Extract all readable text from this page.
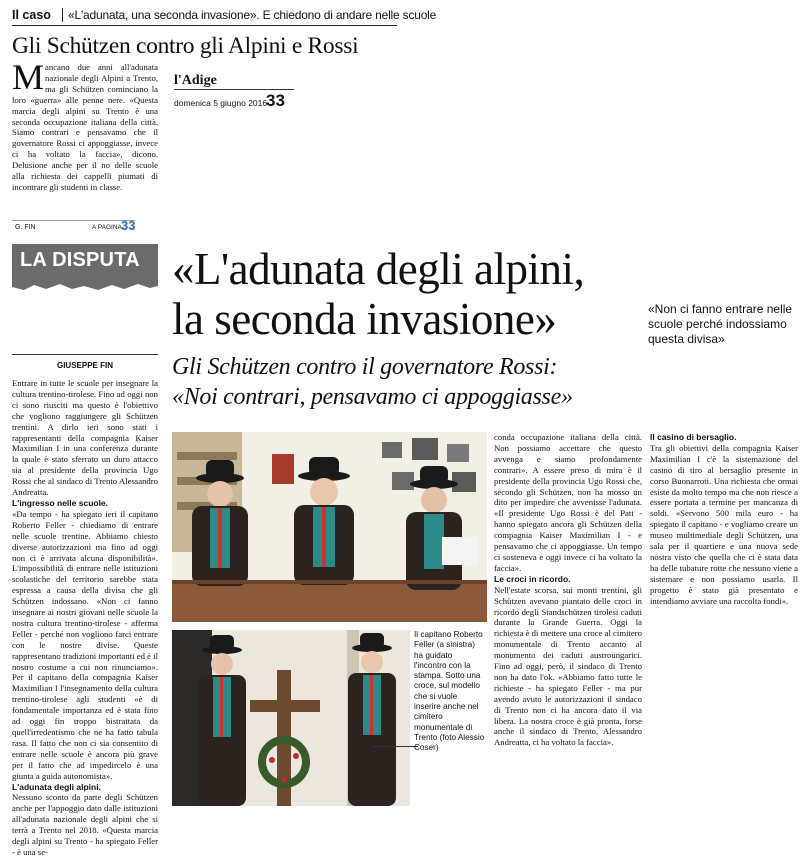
Il caso «L'adunata, una seconda invasione». E chiedono di andare nelle scuole
Gli Schützen contro gli Alpini e Rossi
M ancano due anni all'adunata nazionale degli Alpini a Trento, ma gli Schützen cominciano la loro «guerra» alle penne nere. «Questa marcia degli alpini su Trento è una seconda occupazione italiana della città. Siamo contrari e pensavamo che il governatore Rossi ci appoggiasse, invece ci ha voltato la faccia», dicono. Delusione anche per il no delle scuole alla richiesta dei cappelli piumati di incontrare gli studenti in classe.
G. FIN	A PAGINA 33
l'Adige
domenica 5 giugno 2016
33
LA DISPUTA «L'adunata degli alpini,
la seconda invasione»	«Non ci fanno entrare nelle scuole perché indossiamo questa divisa»
Gli Schützen contro il governatore Rossi:
«Noi contrari, pensavamo ci appoggiasse»
GIUSEPPE FIN

Entrare in tutte le scuole per insegnare la cultura trentino-tirolese. Fino ad oggi non ci sono riusciti ma questo è l'obiettivo che vogliono raggiungere gli Schützen trentini. A dirlo ieri sono stati i rappresentanti della compagnia Kaiser Maximilian I in una conferenza durante la quale è stato sferrato un duro attacco sia al presidente della provincia Ugo Rossi che al sindaco di Trento Alessandro Andreatta.

L'ingresso nelle scuole.

«Da tempo - ha spiegato ieri il capitano Roberto Feller - chiediamo di entrare nelle scuole trentine. Abbiamo chiesto diverse autorizzazioni ma fino ad oggi non ci è arrivata alcuna disponibilità». L'impossibilità di entrare nelle istituzioni scolastiche del territorio sarebbe stata espressa a causa della divisa che gli Schützen indossano. «Non ci fanno insegnare ai nostri giovani nelle scuole la nostra cultura trentino-tirolese - afferma Feller - perché non vogliono farci entrare con le nostre divise. Queste rappresentano tradizioni importanti ed è il nostro costume a cui non rinunciamo». Per il capitano della compagnia Kaiser Maximilian I l'insegnamento della cultura trentino-tirolese agli studenti «è di fondamentale importanza ed è stata fino ad oggi fin troppo bistrattata da quell'irredentismo che ne ha fatto tabula rasa. Il fatto che non ci sia consentito di entrare nelle scuole è ancora più grave per il fatto che ad impedircelo è una giunta a guida autonomista».

L'adunata degli alpini.

Nessuno sconto da parte degli Schützen anche per l'appoggio dato dalle istituzioni all'adunata nazionale degli alpini che si terrà a Trento nel 2018. «Questa marcia degli alpini su Trento - ha spiegato Feller - è una se-

Il capitano Roberto Feller (a sinistra) ha guidato l'incontro con la stampa. Sotto una croce, sul modello che si vuole inserire anche nel cimitero monumentale di Trento (foto Alessio Coser)

conda occupazione italiana della città. Non possiamo accettare che questo avvenga e siamo profondamente contrari». A essere preso di mira è il presidente della provincia Ugo Rossi che, secondo gli Schützen, non ha mosso un dito per impedire che avvenisse l'adunata. «Il presidente Ugo Rossi è del Patt - hanno spiegato ancora gli Schützen della compagnia Kaiser Maximilian I - e pensavamo che ci appoggiasse. Un tempo ci sosteneva e oggi invece ci ha voltato la faccia».

Le croci in ricordo.

Nell'estate scorsa, sui monti trentini, gli Schützen avevano piantato delle croci in ricordo degli Standschützen tirolesi caduti durante la Grande Guerra. Oggi la richiesta è di mettere una croce al cimitero monumentale di Trento accanto al monumento dei caduti austroungarici. Fino ad oggi, però, il sindaco di Trento non ha dato l'ok. «Abbiamo fatto tutte le richieste - ha spiegato Feller - ma pur avendo avuto le autorizzazioni il sindaco di Trento non ci ha ancora dato il via libera. La nostra croce è già pronta, forse anche il sindaco di Trento, Alessandro Andreatta, ci ha voltato la faccia».

Il casino di bersaglio.

Tra gli obiettivi della compagnia Kaiser Maximilian I c'è la sistemazione del casino di tiro al bersaglio presente in corso Buonarroti. Una richiesta che ormai esiste da molto tempo ma che non riesce a essere portata a termine per mancanza di soldi. «Servono 500 mila euro - ha spiegato il capitano - e vogliamo creare un museo multimediale degli Schützen, una sala per il quartiere e una nuova sede nostra visto che quella che ci è stata data ha delle tubature rotte che nessuno viene a sistemare e non possiamo usarla. Il progetto è stato già presentato e intendiamo avviare una raccolta fondi».
